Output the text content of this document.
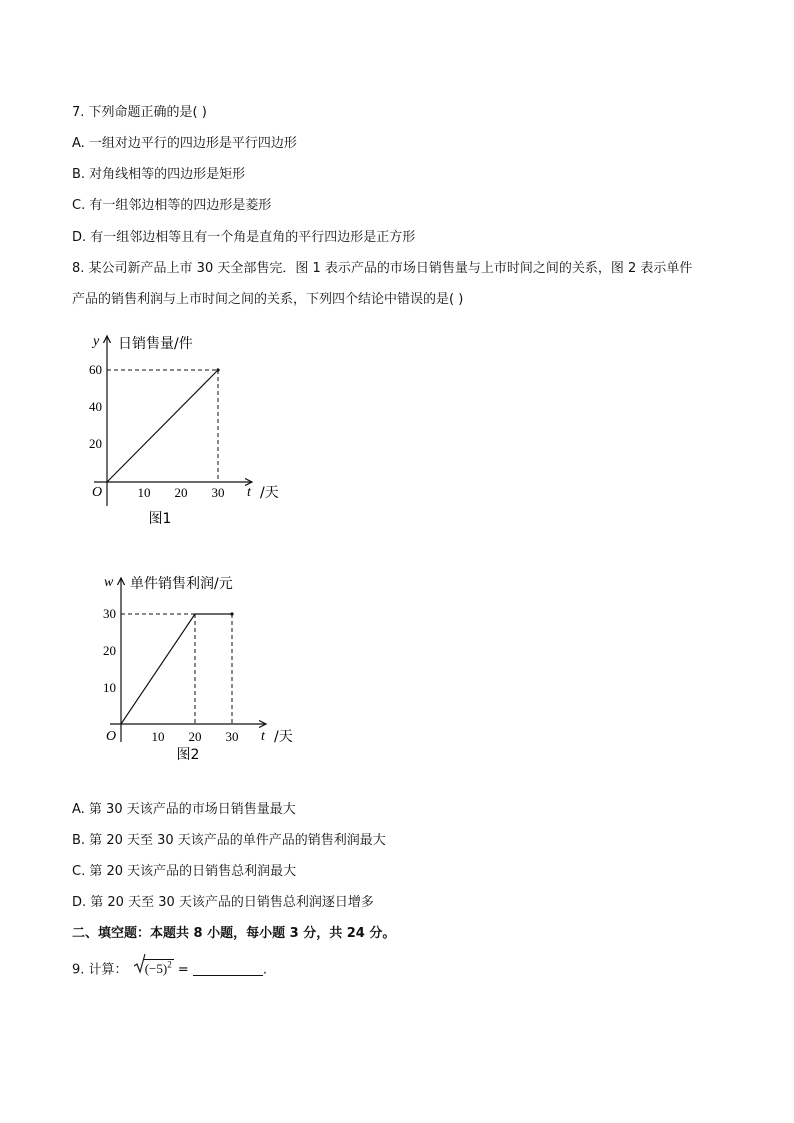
7. 下列命题正确的是( )
A. 一组对边平行的四边形是平行四边形
B. 对角线相等的四边形是矩形
C. 有一组邻边相等的四边形是菱形
D. 有一组邻边相等且有一个角是直角的平行四边形是正方形
8. 某公司新产品上市 30 天全部售完．图 1 表示产品的市场日销售量与上市时间之间的关系，图 2 表示单件
产品的销售利润与上市时间之间的关系，下列四个结论中错误的是( )
y 日销售量/件
t /天
O	10 20 30
20
40
60
图1
w 单件销售利润/元
t /天
O	10 20 30
10
20
30
图2
A. 第 30 天该产品的市场日销售量最大
B. 第 20 天至 30 天该产品的单件产品的销售利润最大
C. 第 20 天该产品的日销售总利润最大
D. 第 20 天至 30 天该产品的日销售总利润逐日增多
二、填空题：本题共 8 小题，每小题 3 分，共 24 分。
9. 计算： $(-5)^2$ =	.
